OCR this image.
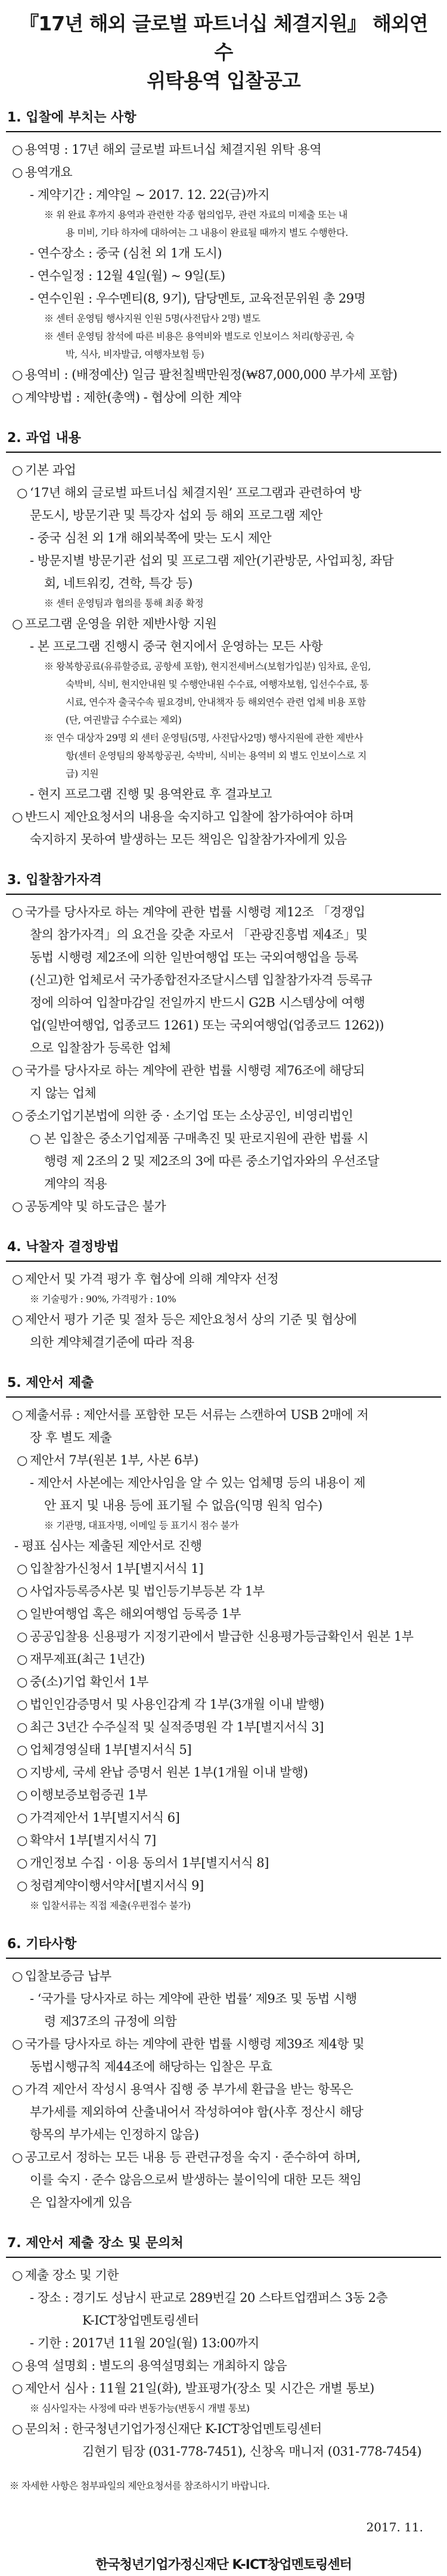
『17년 해외 글로벌 파트너십 체결지원』 해외연수
위탁용역 입찰공고
1. 입찰에 부치는 사항
○ 용역명 : 17년 해외 글로벌 파트너십 체결지원 위탁 용역
○ 용역개요
- 계약기간 : 계약일 ~ 2017. 12. 22(금)까지
※ 위 완료 후까지 용역과 관련한 각종 협의업무, 관련 자료의 미제출 또는 내
용 미비, 기타 하자에 대하여는 그 내용이 완료될 때까지 별도 수행한다.
- 연수장소 : 중국 (심천 외 1개 도시)
- 연수일정 : 12월 4일(월) ~ 9일(토)
- 연수인원 : 우수멘티(8, 9기), 담당멘토, 교육전문위원 총 29명
※ 센터 운영팀 행사지원 인원 5명(사전답사 2명) 별도
※ 센터 운영팀 참석에 따른 비용은 용역비와 별도로 인보이스 처리(항공권, 숙
박, 식사, 비자발급, 여행자보험 등)
○ 용역비 : (배정예산) 일금 팔천칠백만원정(₩87,000,000 부가세 포함)
○ 계약방법 : 제한(총액) - 협상에 의한 계약
2. 과업 내용
○ 기본 과업
○ ‘17년 해외 글로벌 파트너십 체결지원’ 프로그램과 관련하여 방
문도시, 방문기관 및 특강자 섭외 등 해외 프로그램 제안
- 중국 심천 외 1개 해외북쪽에 맞는 도시 제안
- 방문지별 방문기관 섭외 및 프로그램 제안(기관방문, 사업피칭, 좌담
회, 네트워킹, 견학, 특강 등)
※ 센터 운영팀과 협의를 통해 최종 확정
○ 프로그램 운영을 위한 제반사항 지원
- 본 프로그램 진행시 중국 현지에서 운영하는 모든 사항
※ 왕복항공료(유류할증료, 공항세 포함), 현지전세버스(보험가입분) 임차료, 운임,
숙박비, 식비, 현지안내원 및 수행안내원 수수료, 여행자보험, 입선수수료, 통
시료, 연수자 출국수속 필요경비, 안내책자 등 해외연수 관련 업체 비용 포함
(단, 여권발급 수수료는 제외)
※ 연수 대상자 29명 외 센터 운영팀(5명, 사전답사2명) 행사지원에 관한 제반사
항(센터 운영팀의 왕복항공권, 숙박비, 식비는 용역비 외 별도 인보이스로 지
급) 지원
- 현지 프로그램 진행 및 용역완료 후 결과보고
○ 반드시 제안요청서의 내용을 숙지하고 입찰에 참가하여야 하며
숙지하지 못하여 발생하는 모든 책임은 입찰참가자에게 있음
3. 입찰참가자격
○ 국가를 당사자로 하는 계약에 관한 법률 시행령 제12조 「경쟁입
찰의 참가자격」의 요건을 갖춘 자로서 「관광진흥법 제4조」및
동법 시행령 제2조에 의한 일반여행업 또는 국외여행업을 등록
(신고)한 업체로서 국가종합전자조달시스템 입찰참가자격 등록규
정에 의하여 입찰마감일 전일까지 반드시 G2B 시스템상에 여행
업(일반여행업, 업종코드 1261) 또는 국외여행업(업종코드 1262))
으로 입찰참가 등록한 업체
○ 국가를 당사자로 하는 계약에 관한 법률 시행령 제76조에 해당되
지 않는 업체
○ 중소기업기본법에 의한 중 · 소기업 또는 소상공인, 비영리법인
○ 본 입찰은 중소기업제품 구매촉진 및 판로지원에 관한 법률 시
행령 제 2조의 2 및 제2조의 3에 따른 중소기업자와의 우선조달
계약의 적용
○ 공동계약 및 하도급은 불가
4. 낙찰자 결정방법
○ 제안서 및 가격 평가 후 협상에 의해 계약자 선정
※ 기술평가 : 90%, 가격평가 : 10%
○ 제안서 평가 기준 및 절차 등은 제안요청서 상의 기준 및 협상에
의한 계약체결기준에 따라 적용
5. 제안서 제출
○ 제출서류 : 제안서를 포함한 모든 서류는 스캔하여 USB 2매에 저
장 후 별도 제출
○ 제안서 7부(원본 1부, 사본 6부)
- 제안서 사본에는 제안사임을 알 수 있는 업체명 등의 내용이 제
안 표지 및 내용 등에 표기될 수 없음(익명 원칙 엄수)
※ 기관명, 대표자명, 이메일 등 표기시 점수 불가
- 평표 심사는 제출된 제안서로 진행
○ 입찰참가신청서 1부[별지서식 1]
○ 사업자등록증사본 및 법인등기부등본 각 1부
○ 일반여행업 혹은 해외여행업 등록증 1부
○ 공공입찰용 신용평가 지정기관에서 발급한 신용평가등급확인서 원본 1부
○ 재무제표(최근 1년간)
○ 중(소)기업 확인서 1부
○ 법인인감증명서 및 사용인감계 각 1부(3개월 이내 발행)
○ 최근 3년간 수주실적 및 실적증명원 각 1부[별지서식 3]
○ 업체경영실태 1부[별지서식 5]
○ 지방세, 국세 완납 증명서 원본 1부(1개월 이내 발행)
○ 이행보증보험증권 1부
○ 가격제안서 1부[별지서식 6]
○ 확약서 1부[별지서식 7]
○ 개인정보 수집 · 이용 동의서 1부[별지서식 8]
○ 청렴계약이행서약서[별지서식 9]
※ 입찰서류는 직접 제출(우편접수 불가)
6. 기타사항
○ 입찰보증금 납부
- ‘국가를 당사자로 하는 계약에 관한 법률’ 제9조 및 동법 시행
령 제37조의 규정에 의함
○ 국가를 당사자로 하는 계약에 관한 법률 시행령 제39조 제4항 및
동법시행규칙 제44조에 해당하는 입찰은 무효
○ 가격 제안서 작성시 용역사 집행 중 부가세 환급을 받는 항목은
부가세를 제외하여 산출내어서 작성하여야 함(사후 정산시 해당
항목의 부가세는 인정하지 않음)
○ 공고로서 정하는 모든 내용 등 관련규정을 숙지 · 준수하여 하며,
이를 숙지 · 준수 않음으로써 발생하는 불이익에 대한 모든 책임
은 입찰자에게 있음
7. 제안서 제출 장소 및 문의처
○ 제출 장소 및 기한
- 장소 : 경기도 성남시 판교로 289번길 20 스타트업캠퍼스 3동 2층
K-ICT창업멘토링센터
- 기한 : 2017년 11월 20일(월) 13:00까지
○ 용역 설명회 : 별도의 용역설명회는 개최하지 않음
○ 제안서 심사 : 11월 21일(화), 발표평가(장소 및 시간은 개별 통보)
※ 심사일자는 사정에 따라 변동가능(변동시 개별 통보)
○ 문의처 : 한국청년기업가정신재단 K-ICT창업멘토링센터
김현기 팀장 (031-778-7451), 신창옥 매니저 (031-778-7454)
※ 자세한 사항은 첨부파일의 제안요청서를 참조하시기 바랍니다.
2017. 11.
한국청년기업가정신재단 K-ICT창업멘토링센터
